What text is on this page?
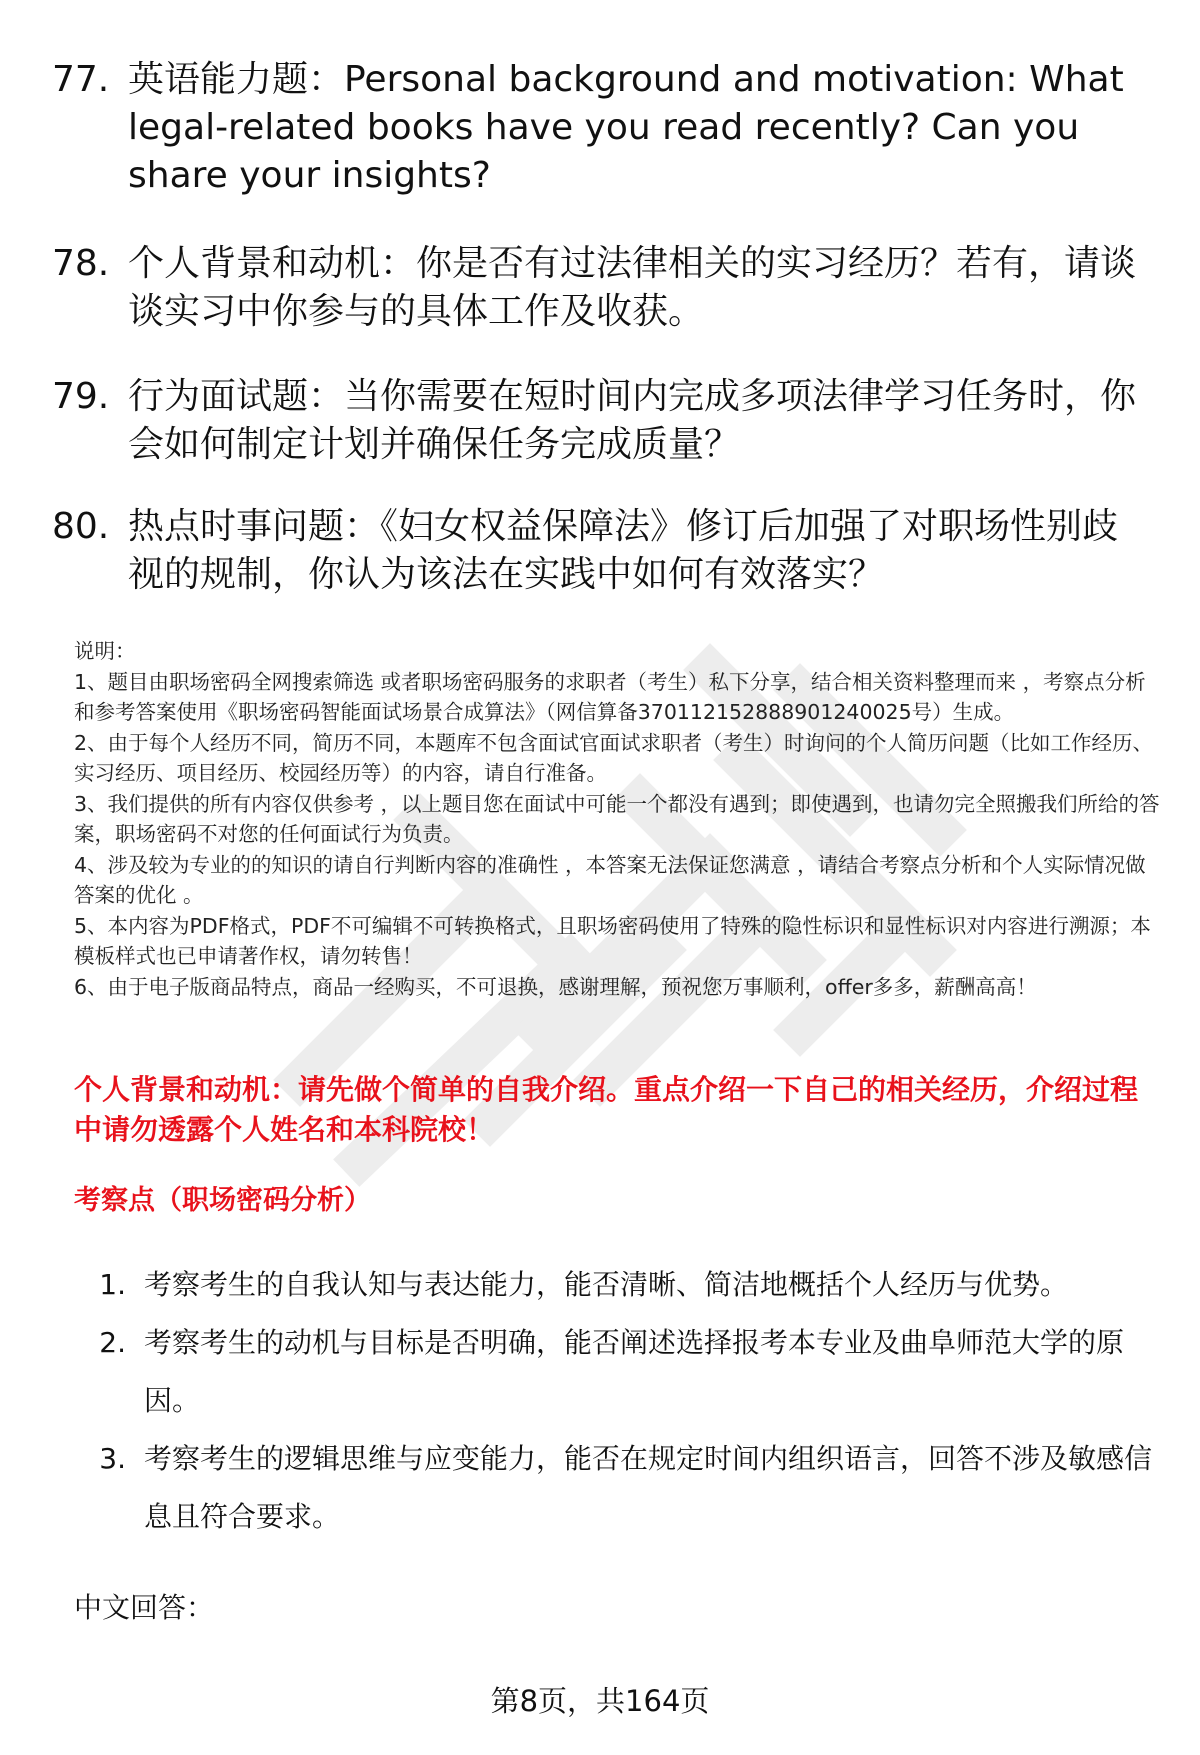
77. 英语能力题：Personal background and motivation: What legal-related books have you read recently? Can you share your insights?
78. 个人背景和动机：你是否有过法律相关的实习经历？若有，请谈谈实习中你参与的具体工作及收获。
79. 行为面试题：当你需要在短时间内完成多项法律学习任务时，你会如何制定计划并确保任务完成质量？
80. 热点时事问题：《妇女权益保障法》修订后加强了对职场性别歧视的规制，你认为该法在实践中如何有效落实？

说明：

1、题目由职场密码全网搜索筛选 或者职场密码服务的求职者（考生）私下分享，结合相关资料整理而来 ，考察点分析和参考答案使用《职场密码智能面试场景合成算法》（网信算备370112152888901240025号）生成。

2、由于每个人经历不同，简历不同，本题库不包含面试官面试求职者（考生）时询问的个人简历问题（比如工作经历、实习经历、项目经历、校园经历等）的内容，请自行准备。

3、我们提供的所有内容仅供参考 ，以上题目您在面试中可能一个都没有遇到；即使遇到，也请勿完全照搬我们所给的答案，职场密码不对您的任何面试行为负责。

4、涉及较为专业的的知识的请自行判断内容的准确性 ，本答案无法保证您满意 ，请结合考察点分析和个人实际情况做答案的优化 。

5、本内容为PDF格式，PDF不可编辑不可转换格式，且职场密码使用了特殊的隐性标识和显性标识对内容进行溯源；本模板样式也已申请著作权，请勿转售！

6、由于电子版商品特点，商品一经购买，不可退换，感谢理解，预祝您万事顺利，offer多多，薪酬高高！

个人背景和动机：请先做个简单的自我介绍。重点介绍一下自己的相关经历，介绍过程中请勿透露个人姓名和本科院校！
考察点（职场密码分析）
1. 考察考生的自我认知与表达能力，能否清晰、简洁地概括个人经历与优势。
2. 考察考生的动机与目标是否明确，能否阐述选择报考本专业及曲阜师范大学的原因。
3. 考察考生的逻辑思维与应变能力，能否在规定时间内组织语言，回答不涉及敏感信息且符合要求。
中文回答：
第8页，共164页
